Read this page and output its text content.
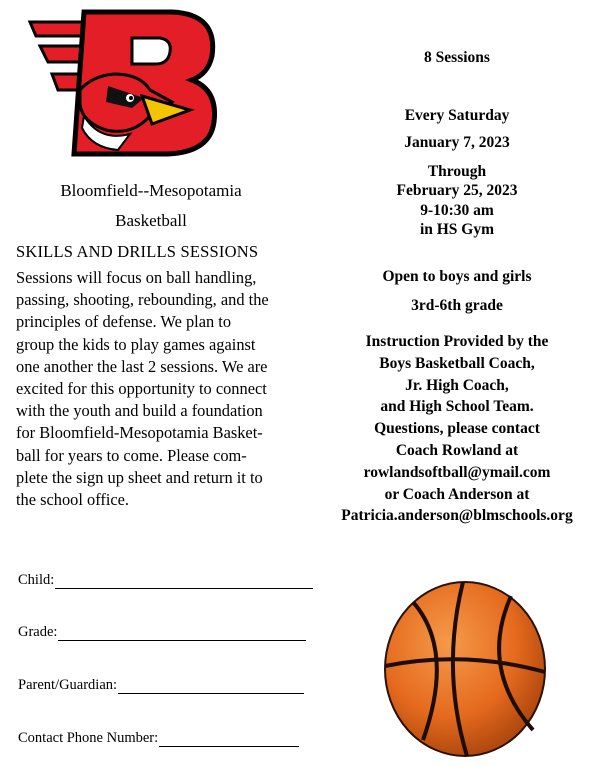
B
Bloomfield--Mesopotamia
Basketball
SKILLS AND DRILLS SESSIONS
Sessions will focus on ball handling,
passing, shooting, rebounding, and the
principles of defense. We plan to
group the kids to play games against
one another the last 2 sessions. We are
excited for this opportunity to connect
with the youth and build a foundation
for Bloomfield-Mesopotamia Basket-
ball for years to come. Please com-
plete the sign up sheet and return it to
the school office.
8 Sessions
Every Saturday
January 7, 2023
Through
February 25, 2023
9-10:30 am
in HS Gym
Open to boys and girls
3rd-6th grade
Instruction Provided by the
Boys Basketball Coach,
Jr. High Coach,
and High School Team.
Questions, please contact
Coach Rowland at
rowlandsoftball@ymail.com
or Coach Anderson at
Patricia.anderson@blmschools.org
Child:
Grade:
Parent/Guardian:
Contact Phone Number:
